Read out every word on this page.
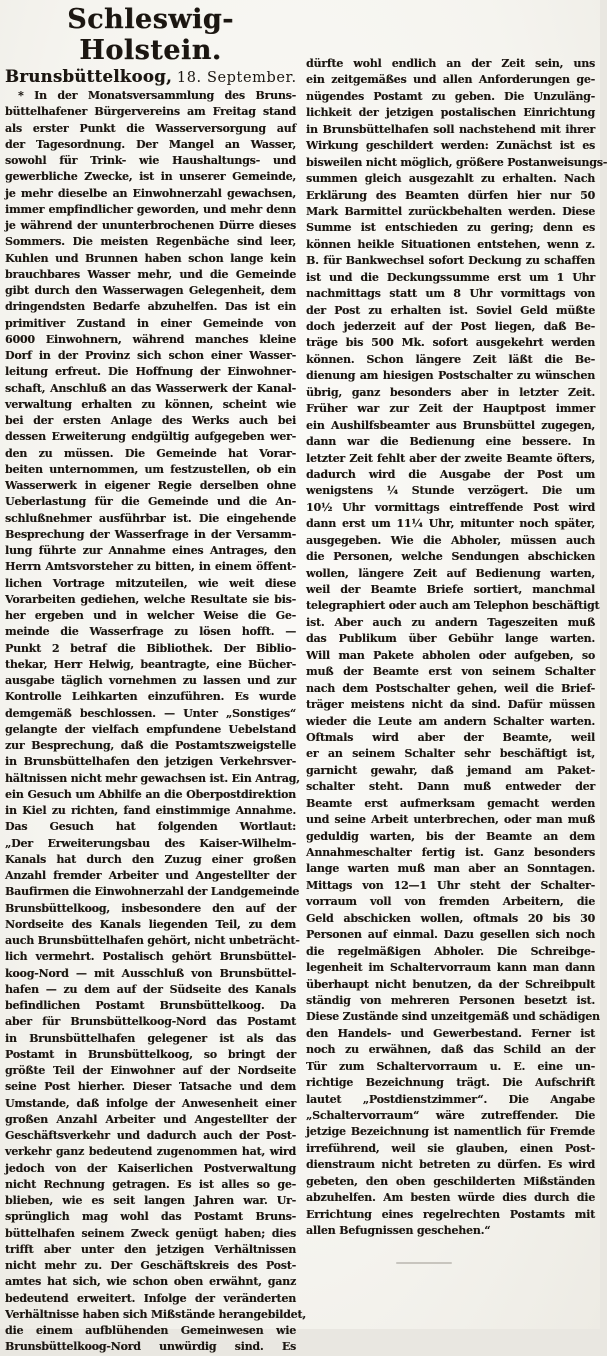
Schleswig-Holstein.
Brunsbüttelkoog, 18. September.
* In der Monatsversammlung des Bruns-
büttelhafener Bürgervereins am Freitag stand
als erster Punkt die Wasserversorgung auf
der Tagesordnung. Der Mangel an Wasser,
sowohl für Trink- wie Haushaltungs- und
gewerbliche Zwecke, ist in unserer Gemeinde,
je mehr dieselbe an Einwohnerzahl gewachsen,
immer empfindlicher geworden, und mehr denn
je während der ununterbrochenen Dürre dieses
Sommers. Die meisten Regenbäche sind leer,
Kuhlen und Brunnen haben schon lange kein
brauchbares Wasser mehr, und die Gemeinde
gibt durch den Wasserwagen Gelegenheit, dem
dringendsten Bedarfe abzuhelfen. Das ist ein
primitiver Zustand in einer Gemeinde von
6000 Einwohnern, während manches kleine
Dorf in der Provinz sich schon einer Wasser-
leitung erfreut. Die Hoffnung der Einwohner-
schaft, Anschluß an das Wasserwerk der Kanal-
verwaltung erhalten zu können, scheint wie
bei der ersten Anlage des Werks auch bei
dessen Erweiterung endgültig aufgegeben wer-
den zu müssen. Die Gemeinde hat Vorar-
beiten unternommen, um festzustellen, ob ein
Wasserwerk in eigener Regie derselben ohne
Ueberlastung für die Gemeinde und die An-
schlußnehmer ausführbar ist. Die eingehende
Besprechung der Wasserfrage in der Versamm-
lung führte zur Annahme eines Antrages, den
Herrn Amtsvorsteher zu bitten, in einem öffent-
lichen Vortrage mitzuteilen, wie weit diese
Vorarbeiten gediehen, welche Resultate sie bis-
her ergeben und in welcher Weise die Ge-
meinde die Wasserfrage zu lösen hofft. —
Punkt 2 betraf die Bibliothek. Der Biblio-
thekar, Herr Helwig, beantragte, eine Bücher-
ausgabe täglich vornehmen zu lassen und zur
Kontrolle Leihkarten einzuführen. Es wurde
demgemäß beschlossen. — Unter „Sonstiges“
gelangte der vielfach empfundene Uebelstand
zur Besprechung, daß die Postamtszweigstelle
in Brunsbüttelhafen den jetzigen Verkehrsver-
hältnissen nicht mehr gewachsen ist. Ein Antrag,
ein Gesuch um Abhilfe an die Oberpostdirektion
in Kiel zu richten, fand einstimmige Annahme.
Das Gesuch hat folgenden Wortlaut:
„Der Erweiterungsbau des Kaiser-Wilhelm-
Kanals hat durch den Zuzug einer großen
Anzahl fremder Arbeiter und Angestellter der
Baufirmen die Einwohnerzahl der Landgemeinde
Brunsbüttelkoog, insbesondere den auf der
Nordseite des Kanals liegenden Teil, zu dem
auch Brunsbüttelhafen gehört, nicht unbeträcht-
lich vermehrt. Postalisch gehört Brunsbüttel-
koog-Nord — mit Ausschluß von Brunsbüttel-
hafen — zu dem auf der Südseite des Kanals
befindlichen Postamt Brunsbüttelkoog. Da
aber für Brunsbüttelkoog-Nord das Postamt
in Brunsbüttelhafen gelegener ist als das
Postamt in Brunsbüttelkoog, so bringt der
größte Teil der Einwohner auf der Nordseite
seine Post hierher. Dieser Tatsache und dem
Umstande, daß infolge der Anwesenheit einer
großen Anzahl Arbeiter und Angestellter der
Geschäftsverkehr und dadurch auch der Post-
verkehr ganz bedeutend zugenommen hat, wird
jedoch von der Kaiserlichen Postverwaltung
nicht Rechnung getragen. Es ist alles so ge-
blieben, wie es seit langen Jahren war. Ur-
sprünglich mag wohl das Postamt Bruns-
büttelhafen seinem Zweck genügt haben; dies
trifft aber unter den jetzigen Verhältnissen
nicht mehr zu. Der Geschäftskreis des Post-
amtes hat sich, wie schon oben erwähnt, ganz
bedeutend erweitert. Infolge der veränderten
Verhältnisse haben sich Mißstände herangebildet,
die einem aufblühenden Gemeinwesen wie
Brunsbüttelkoog-Nord unwürdig sind. Es
dürfte wohl endlich an der Zeit sein, uns
ein zeitgemäßes und allen Anforderungen ge-
nügendes Postamt zu geben. Die Unzuläng-
lichkeit der jetzigen postalischen Einrichtung
in Brunsbüttelhafen soll nachstehend mit ihrer
Wirkung geschildert werden: Zunächst ist es
bisweilen nicht möglich, größere Postanweisungs-
summen gleich ausgezahlt zu erhalten. Nach
Erklärung des Beamten dürfen hier nur 50
Mark Barmittel zurückbehalten werden. Diese
Summe ist entschieden zu gering; denn es
können heikle Situationen entstehen, wenn z.
B. für Bankwechsel sofort Deckung zu schaffen
ist und die Deckungssumme erst um 1 Uhr
nachmittags statt um 8 Uhr vormittags von
der Post zu erhalten ist. Soviel Geld müßte
doch jederzeit auf der Post liegen, daß Be-
träge bis 500 Mk. sofort ausgekehrt werden
können. Schon längere Zeit läßt die Be-
dienung am hiesigen Postschalter zu wünschen
übrig, ganz besonders aber in letzter Zeit.
Früher war zur Zeit der Hauptpost immer
ein Aushilfsbeamter aus Brunsbüttel zugegen,
dann war die Bedienung eine bessere. In
letzter Zeit fehlt aber der zweite Beamte öfters,
dadurch wird die Ausgabe der Post um
wenigstens ¼ Stunde verzögert. Die um
10½ Uhr vormittags eintreffende Post wird
dann erst um 11¼ Uhr, mitunter noch später,
ausgegeben. Wie die Abholer, müssen auch
die Personen, welche Sendungen abschicken
wollen, längere Zeit auf Bedienung warten,
weil der Beamte Briefe sortiert, manchmal
telegraphiert oder auch am Telephon beschäftigt
ist. Aber auch zu andern Tageszeiten muß
das Publikum über Gebühr lange warten.
Will man Pakete abholen oder aufgeben, so
muß der Beamte erst von seinem Schalter
nach dem Postschalter gehen, weil die Brief-
träger meistens nicht da sind. Dafür müssen
wieder die Leute am andern Schalter warten.
Oftmals wird aber der Beamte, weil
er an seinem Schalter sehr beschäftigt ist,
garnicht gewahr, daß jemand am Paket-
schalter steht. Dann muß entweder der
Beamte erst aufmerksam gemacht werden
und seine Arbeit unterbrechen, oder man muß
geduldig warten, bis der Beamte an dem
Annahmeschalter fertig ist. Ganz besonders
lange warten muß man aber an Sonntagen.
Mittags von 12—1 Uhr steht der Schalter-
vorraum voll von fremden Arbeitern, die
Geld abschicken wollen, oftmals 20 bis 30
Personen auf einmal. Dazu gesellen sich noch
die regelmäßigen Abholer. Die Schreibge-
legenheit im Schaltervorraum kann man dann
überhaupt nicht benutzen, da der Schreibpult
ständig von mehreren Personen besetzt ist.
Diese Zustände sind unzeitgemäß und schädigen
den Handels- und Gewerbestand. Ferner ist
noch zu erwähnen, daß das Schild an der
Tür zum Schaltervorraum u. E. eine un-
richtige Bezeichnung trägt. Die Aufschrift
lautet „Postdienstzimmer“. Die Angabe
„Schaltervorraum“ wäre zutreffender. Die
jetzige Bezeichnung ist namentlich für Fremde
irreführend, weil sie glauben, einen Post-
dienstraum nicht betreten zu dürfen. Es wird
gebeten, den oben geschilderten Mißständen
abzuhelfen. Am besten würde dies durch die
Errichtung eines regelrechten Postamts mit
allen Befugnissen geschehen.“
